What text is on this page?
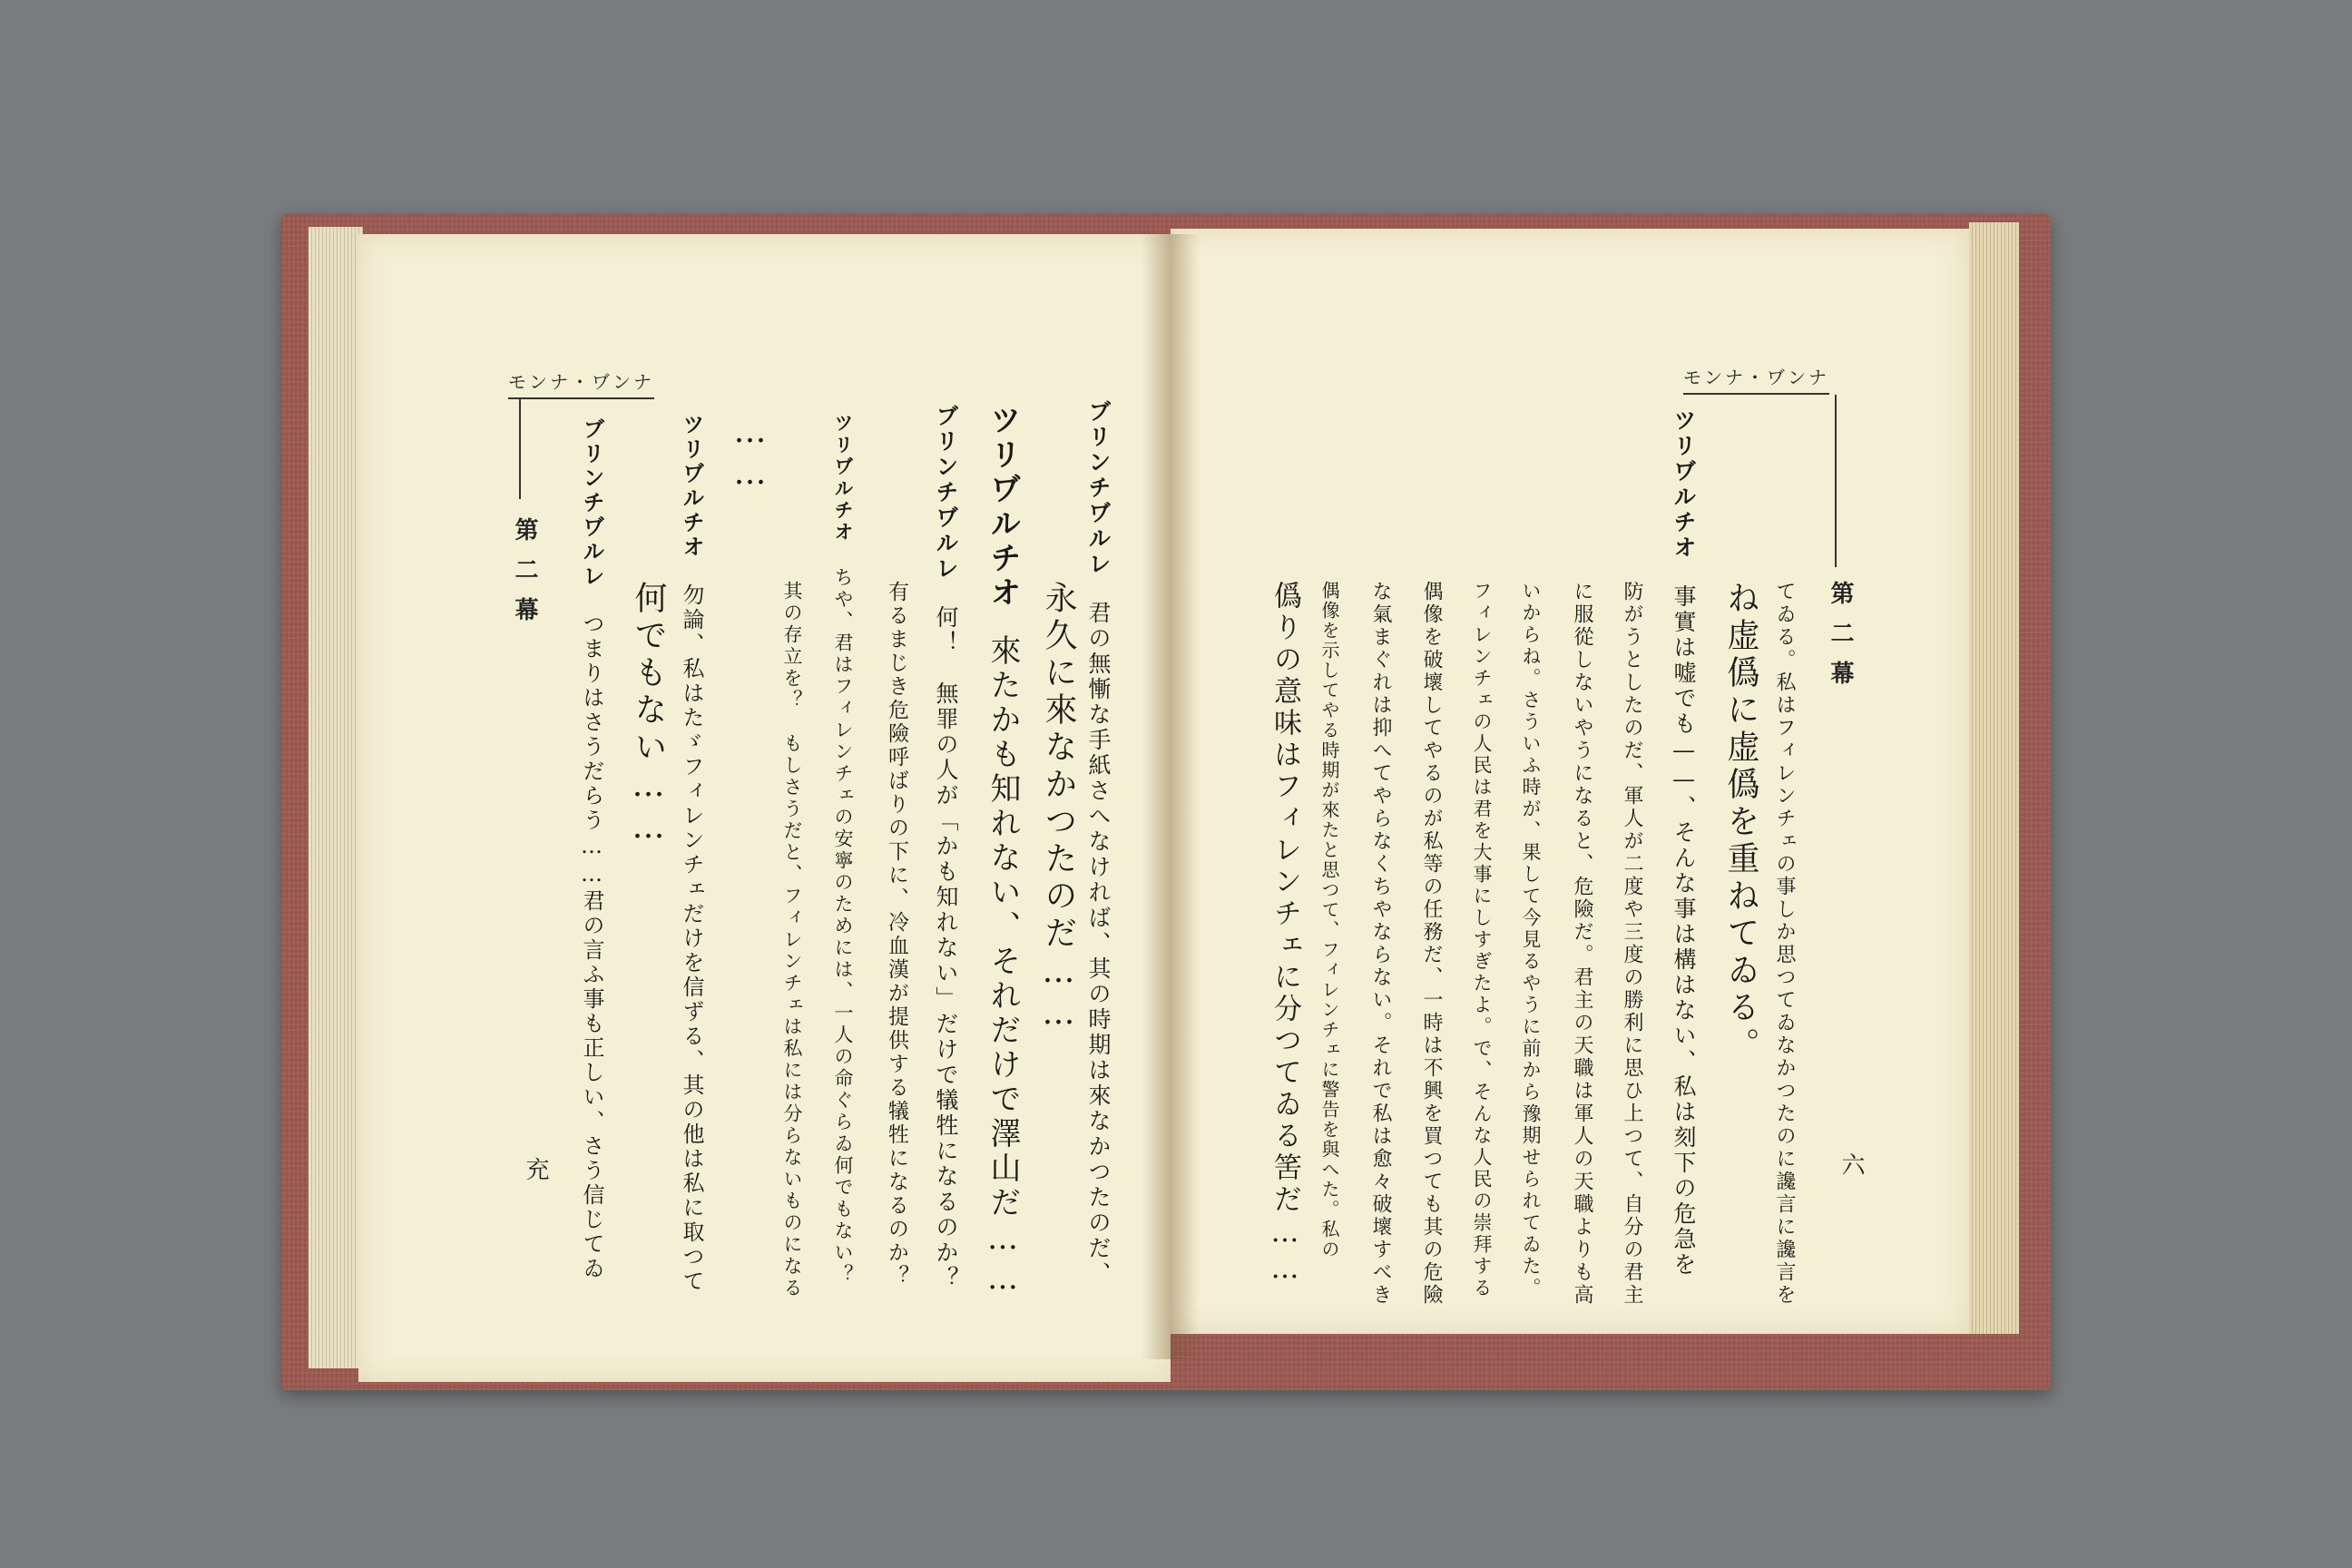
モンナ・ヷンナ
第二幕
充
モンナ・ヷンナ
第二幕
六
ブリンチヷルレ君の無慚な手紙さへなければ、其の時期は來なかつたのだ、
永久に來なかつたのだ……
ツリヷルチオ來たかも知れない、それだけで澤山だ……
ブリンチヷルレ何！　無罪の人が「かも知れない」だけで犠牲になるのか？
有るまじき危險呼ばりの下に、冷血漢が提供する犠牲になるのか？
ツリヷルチオちや、君はフィレンチェの安寧のためには、一人の命ぐらゐ何でもない？
其の存立を？　もしさうだと、フィレンチェは私には分らないものになる
……
ツリヷルチオ勿論、私はたゞフィレンチェだけを信ずる、其の他は私に取つて
何でもない……
ブリンチヷルレつまりはさうだらう……君の言ふ事も正しい、さう信じてゐ	てゐる。私はフィレンチェの事しか思つてゐなかつたのに讒言に讒言を
ね虚僞に虚僞を重ねてゐる。
ツリヷルチオ事實は嘘でも——、そんな事は構はない、私は刻下の危急を
防がうとしたのだ、軍人が二度や三度の勝利に思ひ上つて、自分の君主
に服從しないやうになると、危險だ。君主の天職は軍人の天職よりも高
いからね。さういふ時が、果して今見るやうに前から豫期せられてゐた。
フィレンチェの人民は君を大事にしすぎたよ。で、そんな人民の崇拜する
偶像を破壞してやるのが私等の任務だ、一時は不興を買つても其の危險
な氣まぐれは抑へてやらなくちやならない。それで私は愈々破壞すべき
偶像を示してやる時期が來たと思つて、フィレンチェに警告を與へた。私の
僞りの意味はフィレンチェに分つてゐる筈だ……
